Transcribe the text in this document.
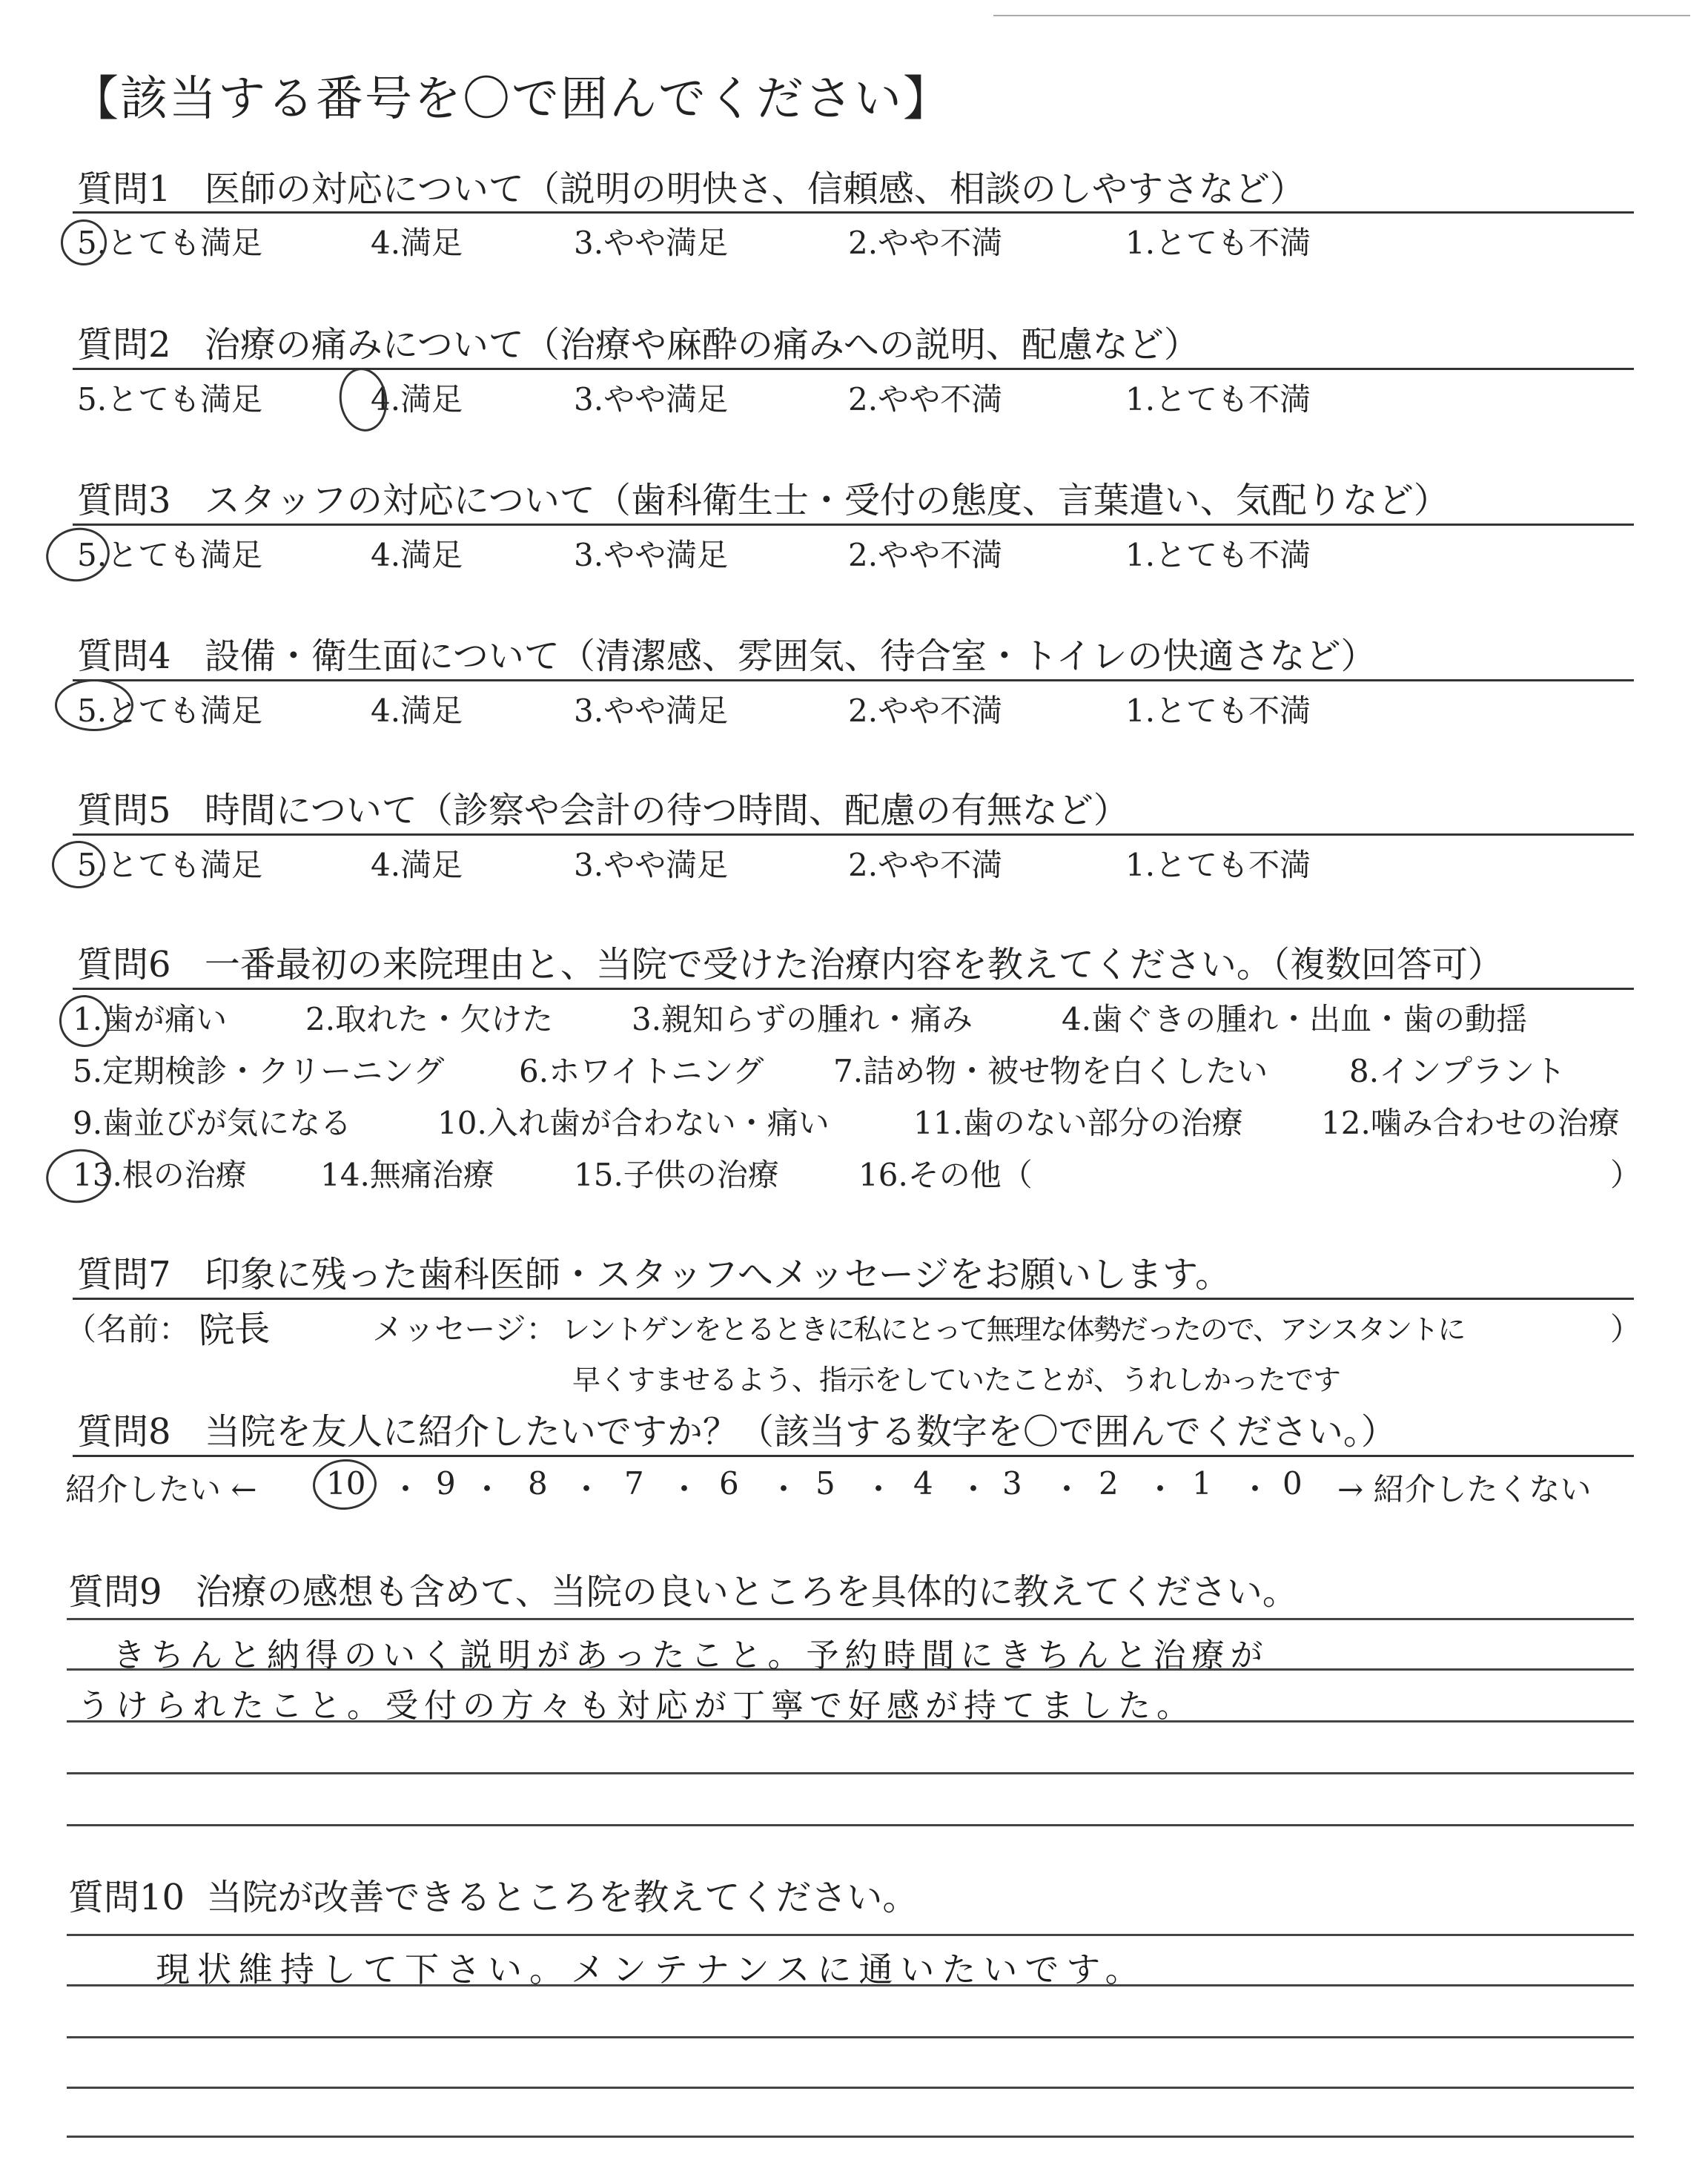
【該当する番号を〇で囲んでください】
質問1 医師の対応について（説明の明快さ、信頼感、相談のしやすさなど）
5.とても満足	4.満足	3.やや満足	2.やや不満	1.とても不満
質問2 治療の痛みについて（治療や麻酔の痛みへの説明、配慮など）
5.とても満足	4.満足	3.やや満足	2.やや不満	1.とても不満
質問3 スタッフの対応について（歯科衛生士・受付の態度、言葉遣い、気配りなど）
5.とても満足	4.満足	3.やや満足	2.やや不満	1.とても不満
質問4 設備・衛生面について（清潔感、雰囲気、待合室・トイレの快適さなど）
5.とても満足	4.満足	3.やや満足	2.やや不満	1.とても不満
質問5 時間について（診察や会計の待つ時間、配慮の有無など）
5.とても満足	4.満足	3.やや満足	2.やや不満	1.とても不満
質問6 一番最初の来院理由と、当院で受けた治療内容を教えてください。（複数回答可）
1.歯が痛い	2.取れた・欠けた	3.親知らずの腫れ・痛み	4.歯ぐきの腫れ・出血・歯の動揺
5.定期検診・クリーニング 6.ホワイトニング 7.詰め物・被せ物を白くしたい	8.インプラント
9.歯並びが気になる	10.入れ歯が合わない・痛い	11.歯のない部分の治療	12.噛み合わせの治療
13.根の治療 14.無痛治療	15.子供の治療	16.その他（	）
質問7 印象に残った歯科医師・スタッフへメッセージをお願いします。
（名前： 院長	メッセージ： レントゲンをとるときに私にとって無理な体勢だったので、アシスタントに	）
早くすませるよう、指示をしていたことが、うれしかったです
質問8 当院を友人に紹介したいですか？（該当する数字を〇で囲んでください。）
紹介したい ← 10 ・ 9 ・ 8 ・ 7 ・ 6 ・ 5 ・ 4 ・ 3 ・ 2 ・ 1 ・ 0 → 紹介したくない
質問9 治療の感想も含めて、当院の良いところを具体的に教えてください。
きちんと納得のいく説明があったこと。予約時間にきちんと治療が
うけられたこと。受付の方々も対応が丁寧で好感が持てました。
質問10 当院が改善できるところを教えてください。
現状維持して下さい。メンテナンスに通いたいです。
